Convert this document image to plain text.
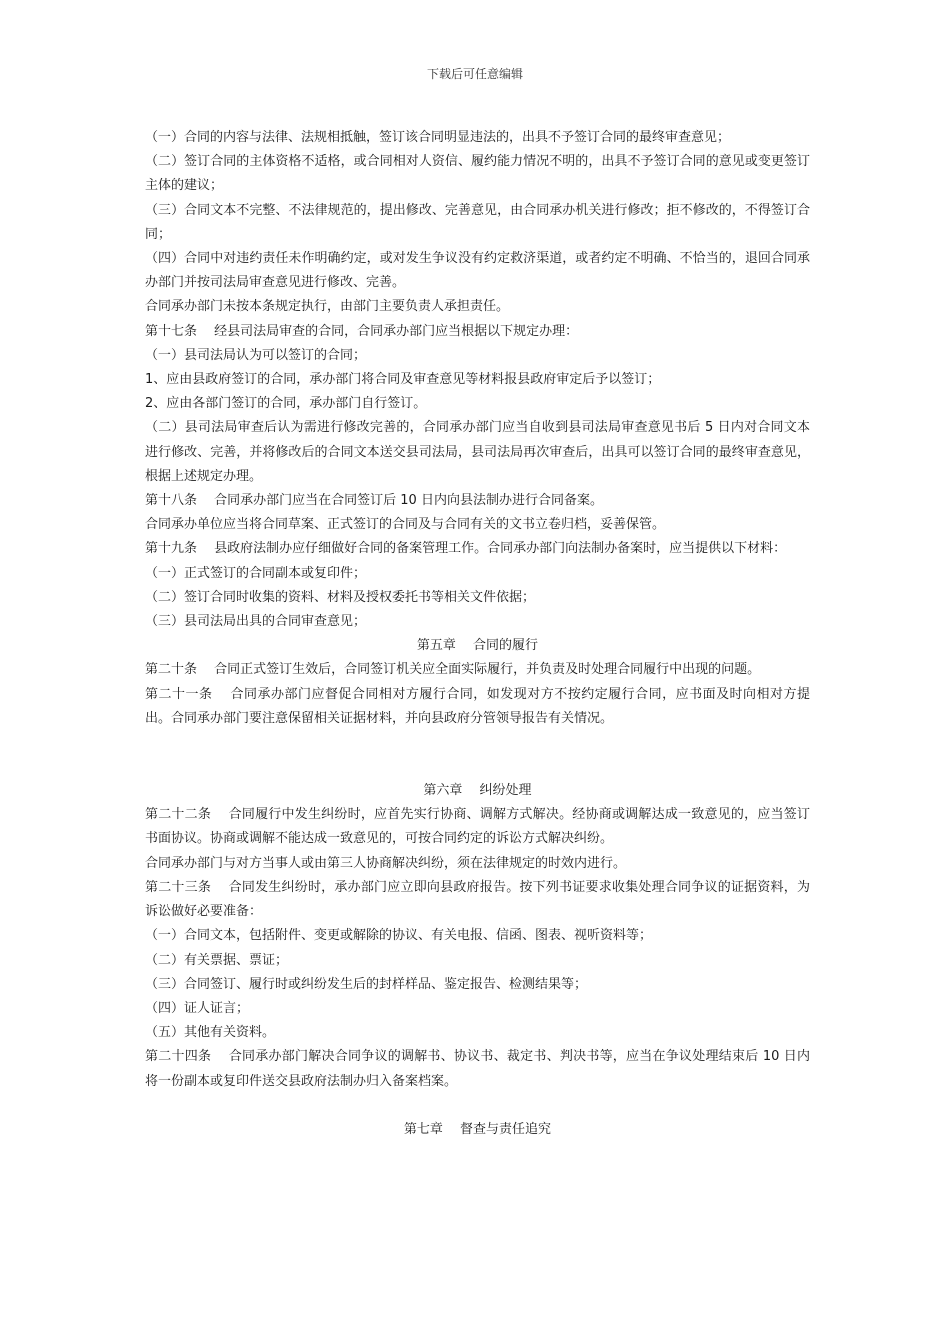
下载后可任意编辑
（一）合同的内容与法律、法规相抵触，签订该合同明显违法的，出具不予签订合同的最终审查意见；
（二）签订合同的主体资格不适格，或合同相对人资信、履约能力情况不明的，出具不予签订合同的意见或变更签订主体的建议；
（三）合同文本不完整、不法律规范的，提出修改、完善意见，由合同承办机关进行修改；拒不修改的，不得签订合同；
（四）合同中对违约责任未作明确约定，或对发生争议没有约定救济渠道，或者约定不明确、不恰当的，退回合同承办部门并按司法局审查意见进行修改、完善。
合同承办部门未按本条规定执行，由部门主要负责人承担责任。
第十七条　 经县司法局审查的合同，合同承办部门应当根据以下规定办理：
（一）县司法局认为可以签订的合同；
1、应由县政府签订的合同，承办部门将合同及审查意见等材料报县政府审定后予以签订；
2、应由各部门签订的合同，承办部门自行签订。
（二）县司法局审查后认为需进行修改完善的，合同承办部门应当自收到县司法局审查意见书后 5 日内对合同文本进行修改、完善，并将修改后的合同文本送交县司法局，县司法局再次审查后，出具可以签订合同的最终审查意见，根据上述规定办理。
第十八条　 合同承办部门应当在合同签订后 10 日内向县法制办进行合同备案。
合同承办单位应当将合同草案、正式签订的合同及与合同有关的文书立卷归档，妥善保管。
第十九条　 县政府法制办应仔细做好合同的备案管理工作。合同承办部门向法制办备案时，应当提供以下材料：
（一）正式签订的合同副本或复印件；
（二）签订合同时收集的资料、材料及授权委托书等相关文件依据；
（三）县司法局出具的合同审查意见；
第五章　 合同的履行
第二十条　 合同正式签订生效后，合同签订机关应全面实际履行，并负责及时处理合同履行中出现的问题。
第二十一条　 合同承办部门应督促合同相对方履行合同，如发现对方不按约定履行合同，应书面及时向相对方提出。合同承办部门要注意保留相关证据材料，并向县政府分管领导报告有关情况。
第六章　 纠纷处理
第二十二条　 合同履行中发生纠纷时，应首先实行协商、调解方式解决。经协商或调解达成一致意见的，应当签订书面协议。协商或调解不能达成一致意见的，可按合同约定的诉讼方式解决纠纷。
合同承办部门与对方当事人或由第三人协商解决纠纷，须在法律规定的时效内进行。
第二十三条　 合同发生纠纷时，承办部门应立即向县政府报告。按下列书证要求收集处理合同争议的证据资料，为诉讼做好必要准备：
（一）合同文本，包括附件、变更或解除的协议、有关电报、信函、图表、视听资料等；
（二）有关票据、票证；
（三）合同签订、履行时或纠纷发生后的封样样品、鉴定报告、检测结果等；
（四）证人证言；
（五）其他有关资料。
第二十四条　 合同承办部门解决合同争议的调解书、协议书、裁定书、判决书等，应当在争议处理结束后 10 日内将一份副本或复印件送交县政府法制办归入备案档案。
第七章　 督查与责任追究
